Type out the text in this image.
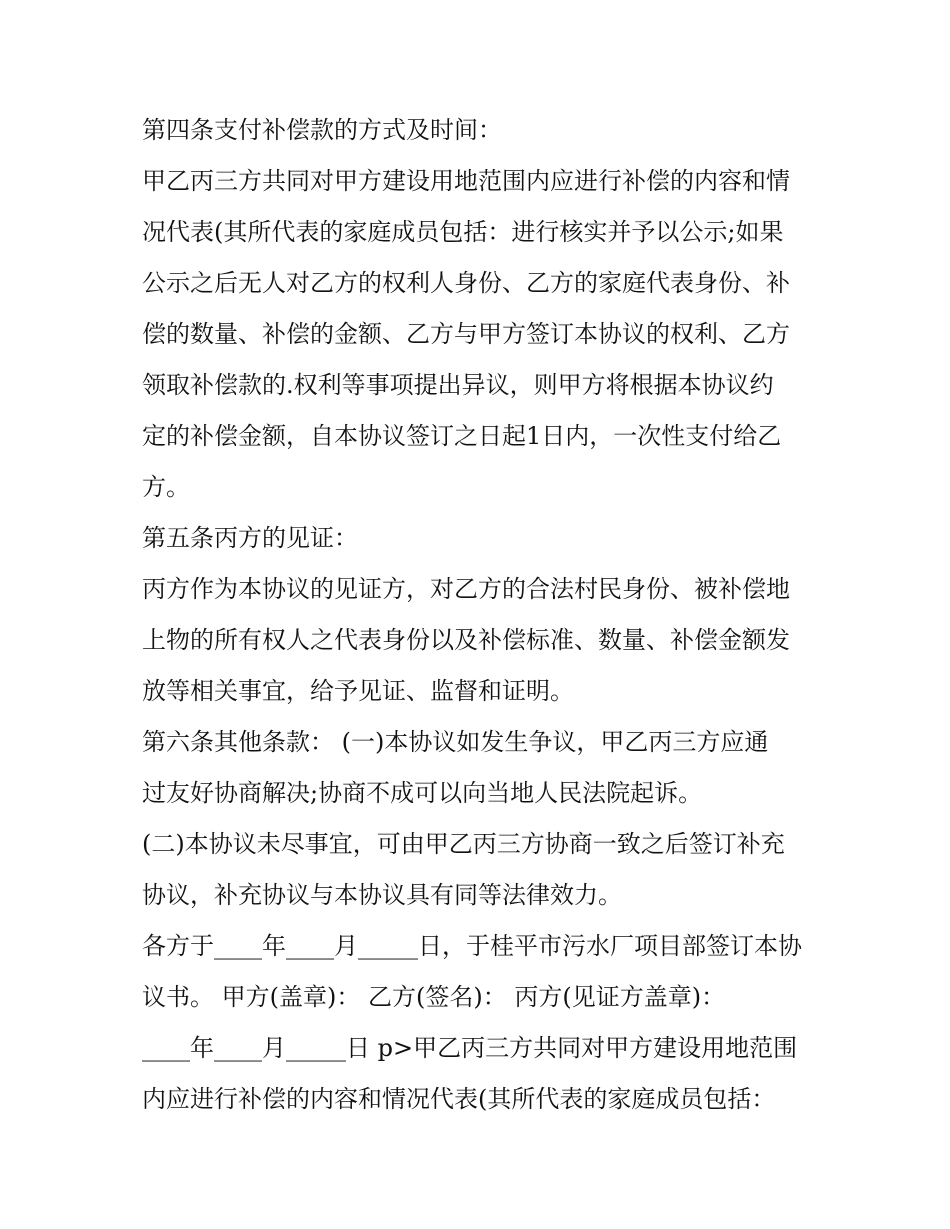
第四条支付补偿款的方式及时间：
甲乙丙三方共同对甲方建设用地范围内应进行补偿的内容和情
况代表(其所代表的家庭成员包括：进行核实并予以公示;如果
公示之后无人对乙方的权利人身份、乙方的家庭代表身份、补
偿的数量、补偿的金额、乙方与甲方签订本协议的权利、乙方
领取补偿款的.权利等事项提出异议，则甲方将根据本协议约
定的补偿金额，自本协议签订之日起1日内，一次性支付给乙
方。
第五条丙方的见证：
丙方作为本协议的见证方，对乙方的合法村民身份、被补偿地
上物的所有权人之代表身份以及补偿标准、数量、补偿金额发
放等相关事宜，给予见证、监督和证明。
第六条其他条款： (一)本协议如发生争议，甲乙丙三方应通
过友好协商解决;协商不成可以向当地人民法院起诉。
(二)本协议未尽事宜，可由甲乙丙三方协商一致之后签订补充
协议，补充协议与本协议具有同等法律效力。
各方于____年____月_____日，于桂平市污水厂项目部签订本协
议书。 甲方(盖章)： 乙方(签名)： 丙方(见证方盖章)：
____年____月_____日 p>甲乙丙三方共同对甲方建设用地范围
内应进行补偿的内容和情况代表(其所代表的家庭成员包括：
